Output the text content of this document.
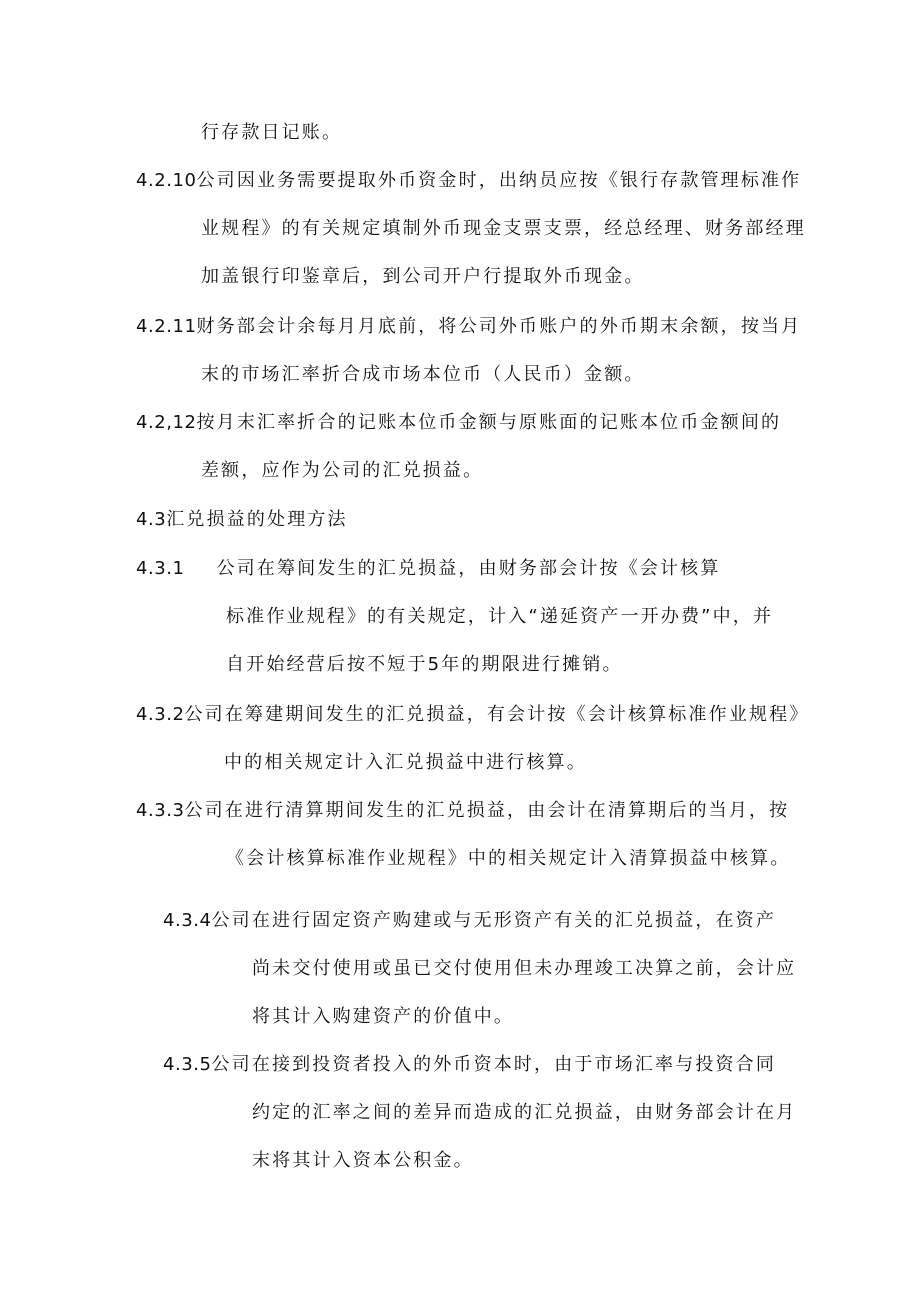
行存款日记账。
4.2.10公司因业务需要提取外币资金时，出纳员应按《银行存款管理标准作
业规程》的有关规定填制外币现金支票支票，经总经理、财务部经理
加盖银行印鉴章后，到公司开户行提取外币现金。
4.2.11财务部会计余每月月底前，将公司外币账户的外币期末余额，按当月
末的市场汇率折合成市场本位币（人民币）金额。
4.2,12按月末汇率折合的记账本位币金额与原账面的记账本位币金额间的
差额，应作为公司的汇兑损益。
4.3汇兑损益的处理方法
4.3.1 公司在筹间发生的汇兑损益，由财务部会计按《会计核算
标准作业规程》的有关规定，计入“递延资产一开办费”中，并
自开始经营后按不短于5年的期限进行摊销。
4.3.2公司在筹建期间发生的汇兑损益，有会计按《会计核算标准作业规程》
中的相关规定计入汇兑损益中进行核算。
4.3.3公司在进行清算期间发生的汇兑损益，由会计在清算期后的当月，按
《会计核算标准作业规程》中的相关规定计入清算损益中核算。
4.3.4公司在进行固定资产购建或与无形资产有关的汇兑损益，在资产
尚未交付使用或虽已交付使用但未办理竣工决算之前，会计应
将其计入购建资产的价值中。
4.3.5公司在接到投资者投入的外币资本时，由于市场汇率与投资合同
约定的汇率之间的差异而造成的汇兑损益，由财务部会计在月
末将其计入资本公积金。
